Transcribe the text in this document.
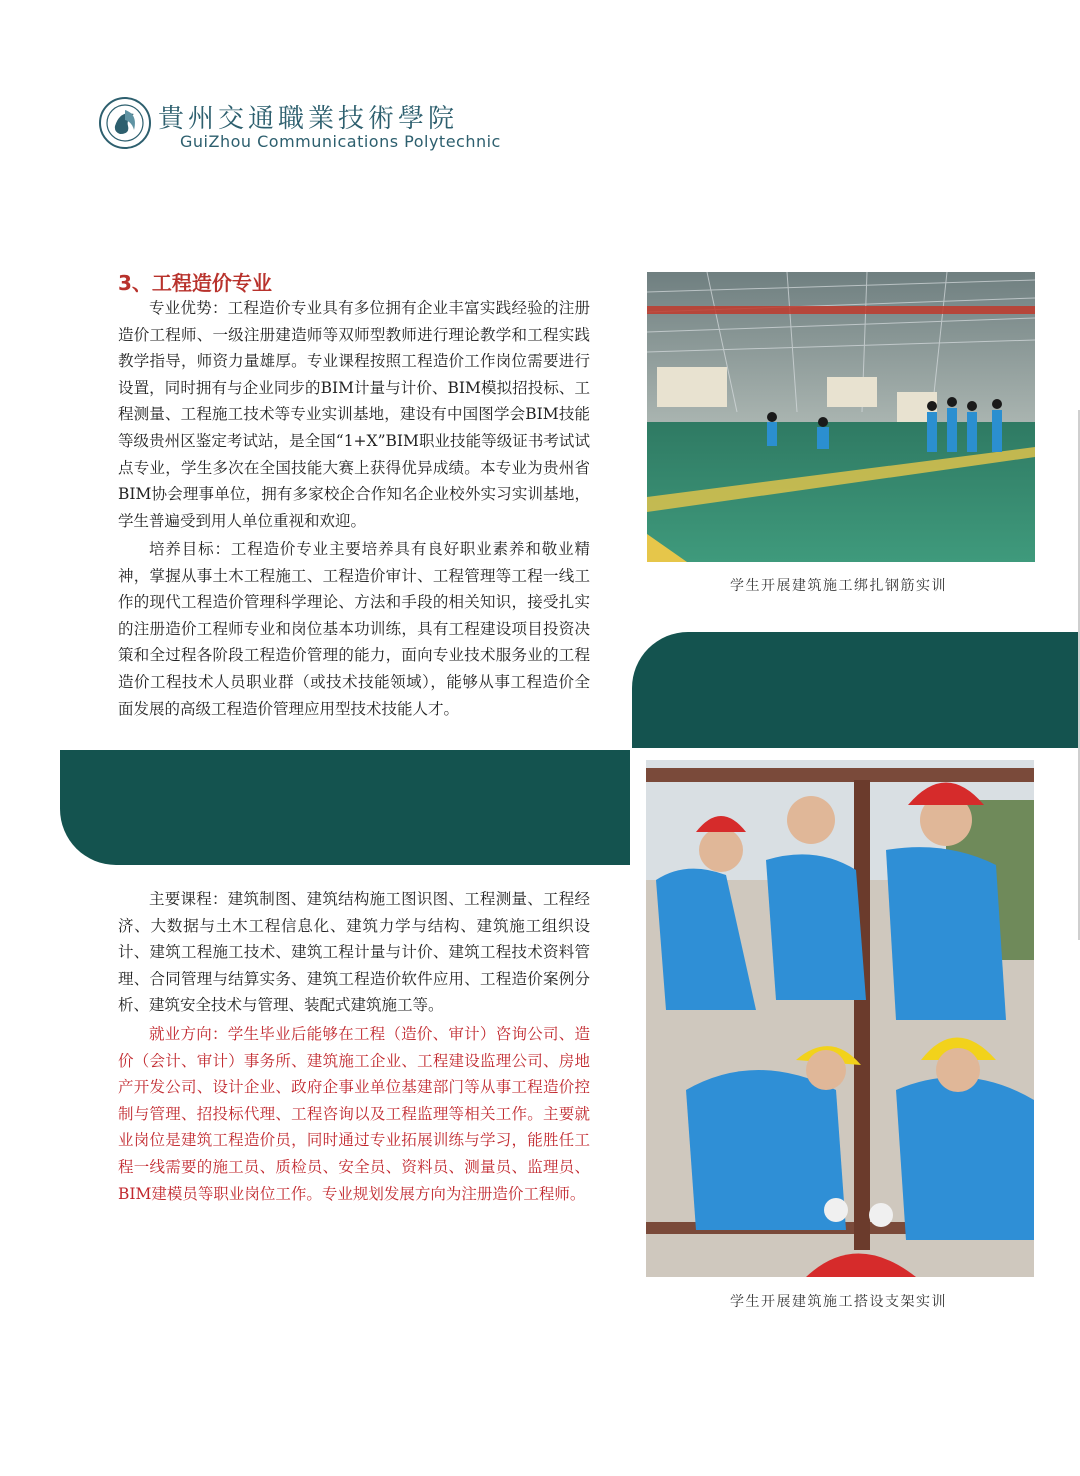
貴州交通職業技術學院
GuiZhou Communications Polytechnic
3、工程造价专业

专业优势：工程造价专业具有多位拥有企业丰富实践经验的注册造价工程师、一级注册建造师等双师型教师进行理论教学和工程实践教学指导，师资力量雄厚。专业课程按照工程造价工作岗位需要进行设置，同时拥有与企业同步的BIM计量与计价、BIM模拟招投标、工程测量、工程施工技术等专业实训基地，建设有中国图学会BIM技能等级贵州区鉴定考试站，是全国“1+X”BIM职业技能等级证书考试试点专业，学生多次在全国技能大赛上获得优异成绩。本专业为贵州省BIM协会理事单位，拥有多家校企合作知名企业校外实习实训基地，学生普遍受到用人单位重视和欢迎。

培养目标：工程造价专业主要培养具有良好职业素养和敬业精神，掌握从事土木工程施工、工程造价审计、工程管理等工程一线工作的现代工程造价管理科学理论、方法和手段的相关知识，接受扎实的注册造价工程师专业和岗位基本功训练，具有工程建设项目投资决策和全过程各阶段工程造价管理的能力，面向专业技术服务业的工程造价工程技术人员职业群（或技术技能领域），能够从事工程造价全面发展的高级工程造价管理应用型技术技能人才。

主要课程：建筑制图、建筑结构施工图识图、工程测量、工程经济、大数据与土木工程信息化、建筑力学与结构、建筑施工组织设计、建筑工程施工技术、建筑工程计量与计价、建筑工程技术资料管理、合同管理与结算实务、建筑工程造价软件应用、工程造价案例分析、建筑安全技术与管理、装配式建筑施工等。

就业方向：学生毕业后能够在工程（造价、审计）咨询公司、造价（会计、审计）事务所、建筑施工企业、工程建设监理公司、房地产开发公司、设计企业、政府企事业单位基建部门等从事工程造价控制与管理、招投标代理、工程咨询以及工程监理等相关工作。主要就业岗位是建筑工程造价员，同时通过专业拓展训练与学习，能胜任工程一线需要的施工员、质检员、安全员、资料员、测量员、监理员、BIM建模员等职业岗位工作。专业规划发展方向为注册造价工程师。

学生开展建筑施工绑扎钢筋实训
学生开展建筑施工搭设支架实训
